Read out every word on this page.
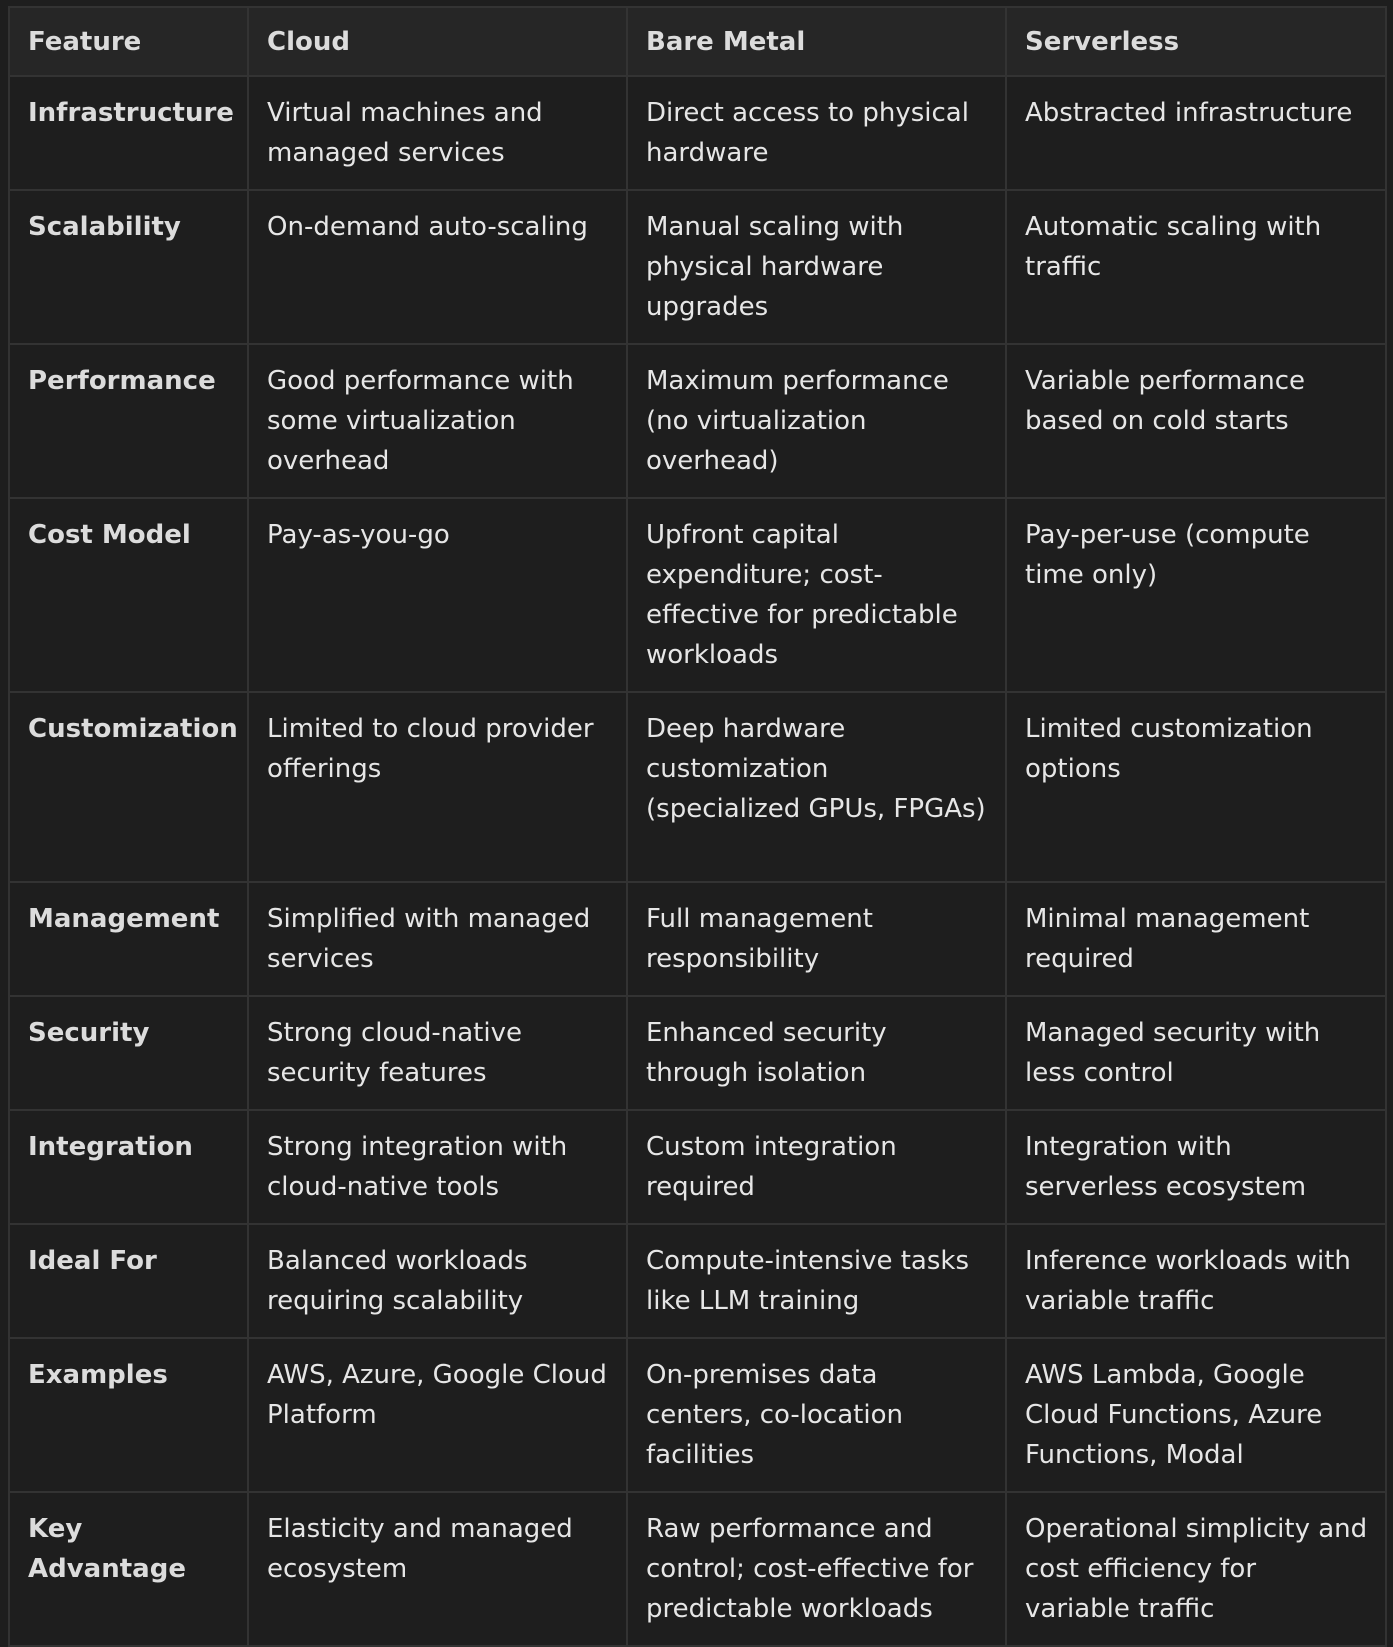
Feature	Cloud	Bare Metal	Serverless
Infrastructure	Virtual machines and managed services	Direct access to physical hardware	Abstracted infrastructure
Scalability	On-demand auto-scaling	Manual scaling with physical hardware upgrades	Automatic scaling with traffic
Performance	Good performance with some virtualization overhead	Maximum performance (no virtualization overhead)	Variable performance based on cold starts
Cost Model	Pay-as-you-go	Upfront capital expenditure; cost-effective for predictable workloads	Pay-per-use (compute time only)
Customization	Limited to cloud provider offerings	Deep hardware customization (specialized GPUs, FPGAs)	Limited customization options
Management	Simplified with managed services	Full management responsibility	Minimal management required
Security	Strong cloud-native security features	Enhanced security through isolation	Managed security with less control
Integration	Strong integration with cloud-native tools	Custom integration required	Integration with serverless ecosystem
Ideal For	Balanced workloads requiring scalability	Compute-intensive tasks like LLM training	Inference workloads with variable traffic
Examples	AWS, Azure, Google Cloud Platform	On-premises data centers, co-location facilities	AWS Lambda, Google Cloud Functions, Azure Functions, Modal
Key Advantage	Elasticity and managed ecosystem	Raw performance and control; cost-effective for predictable workloads	Operational simplicity and cost efficiency for variable traffic
